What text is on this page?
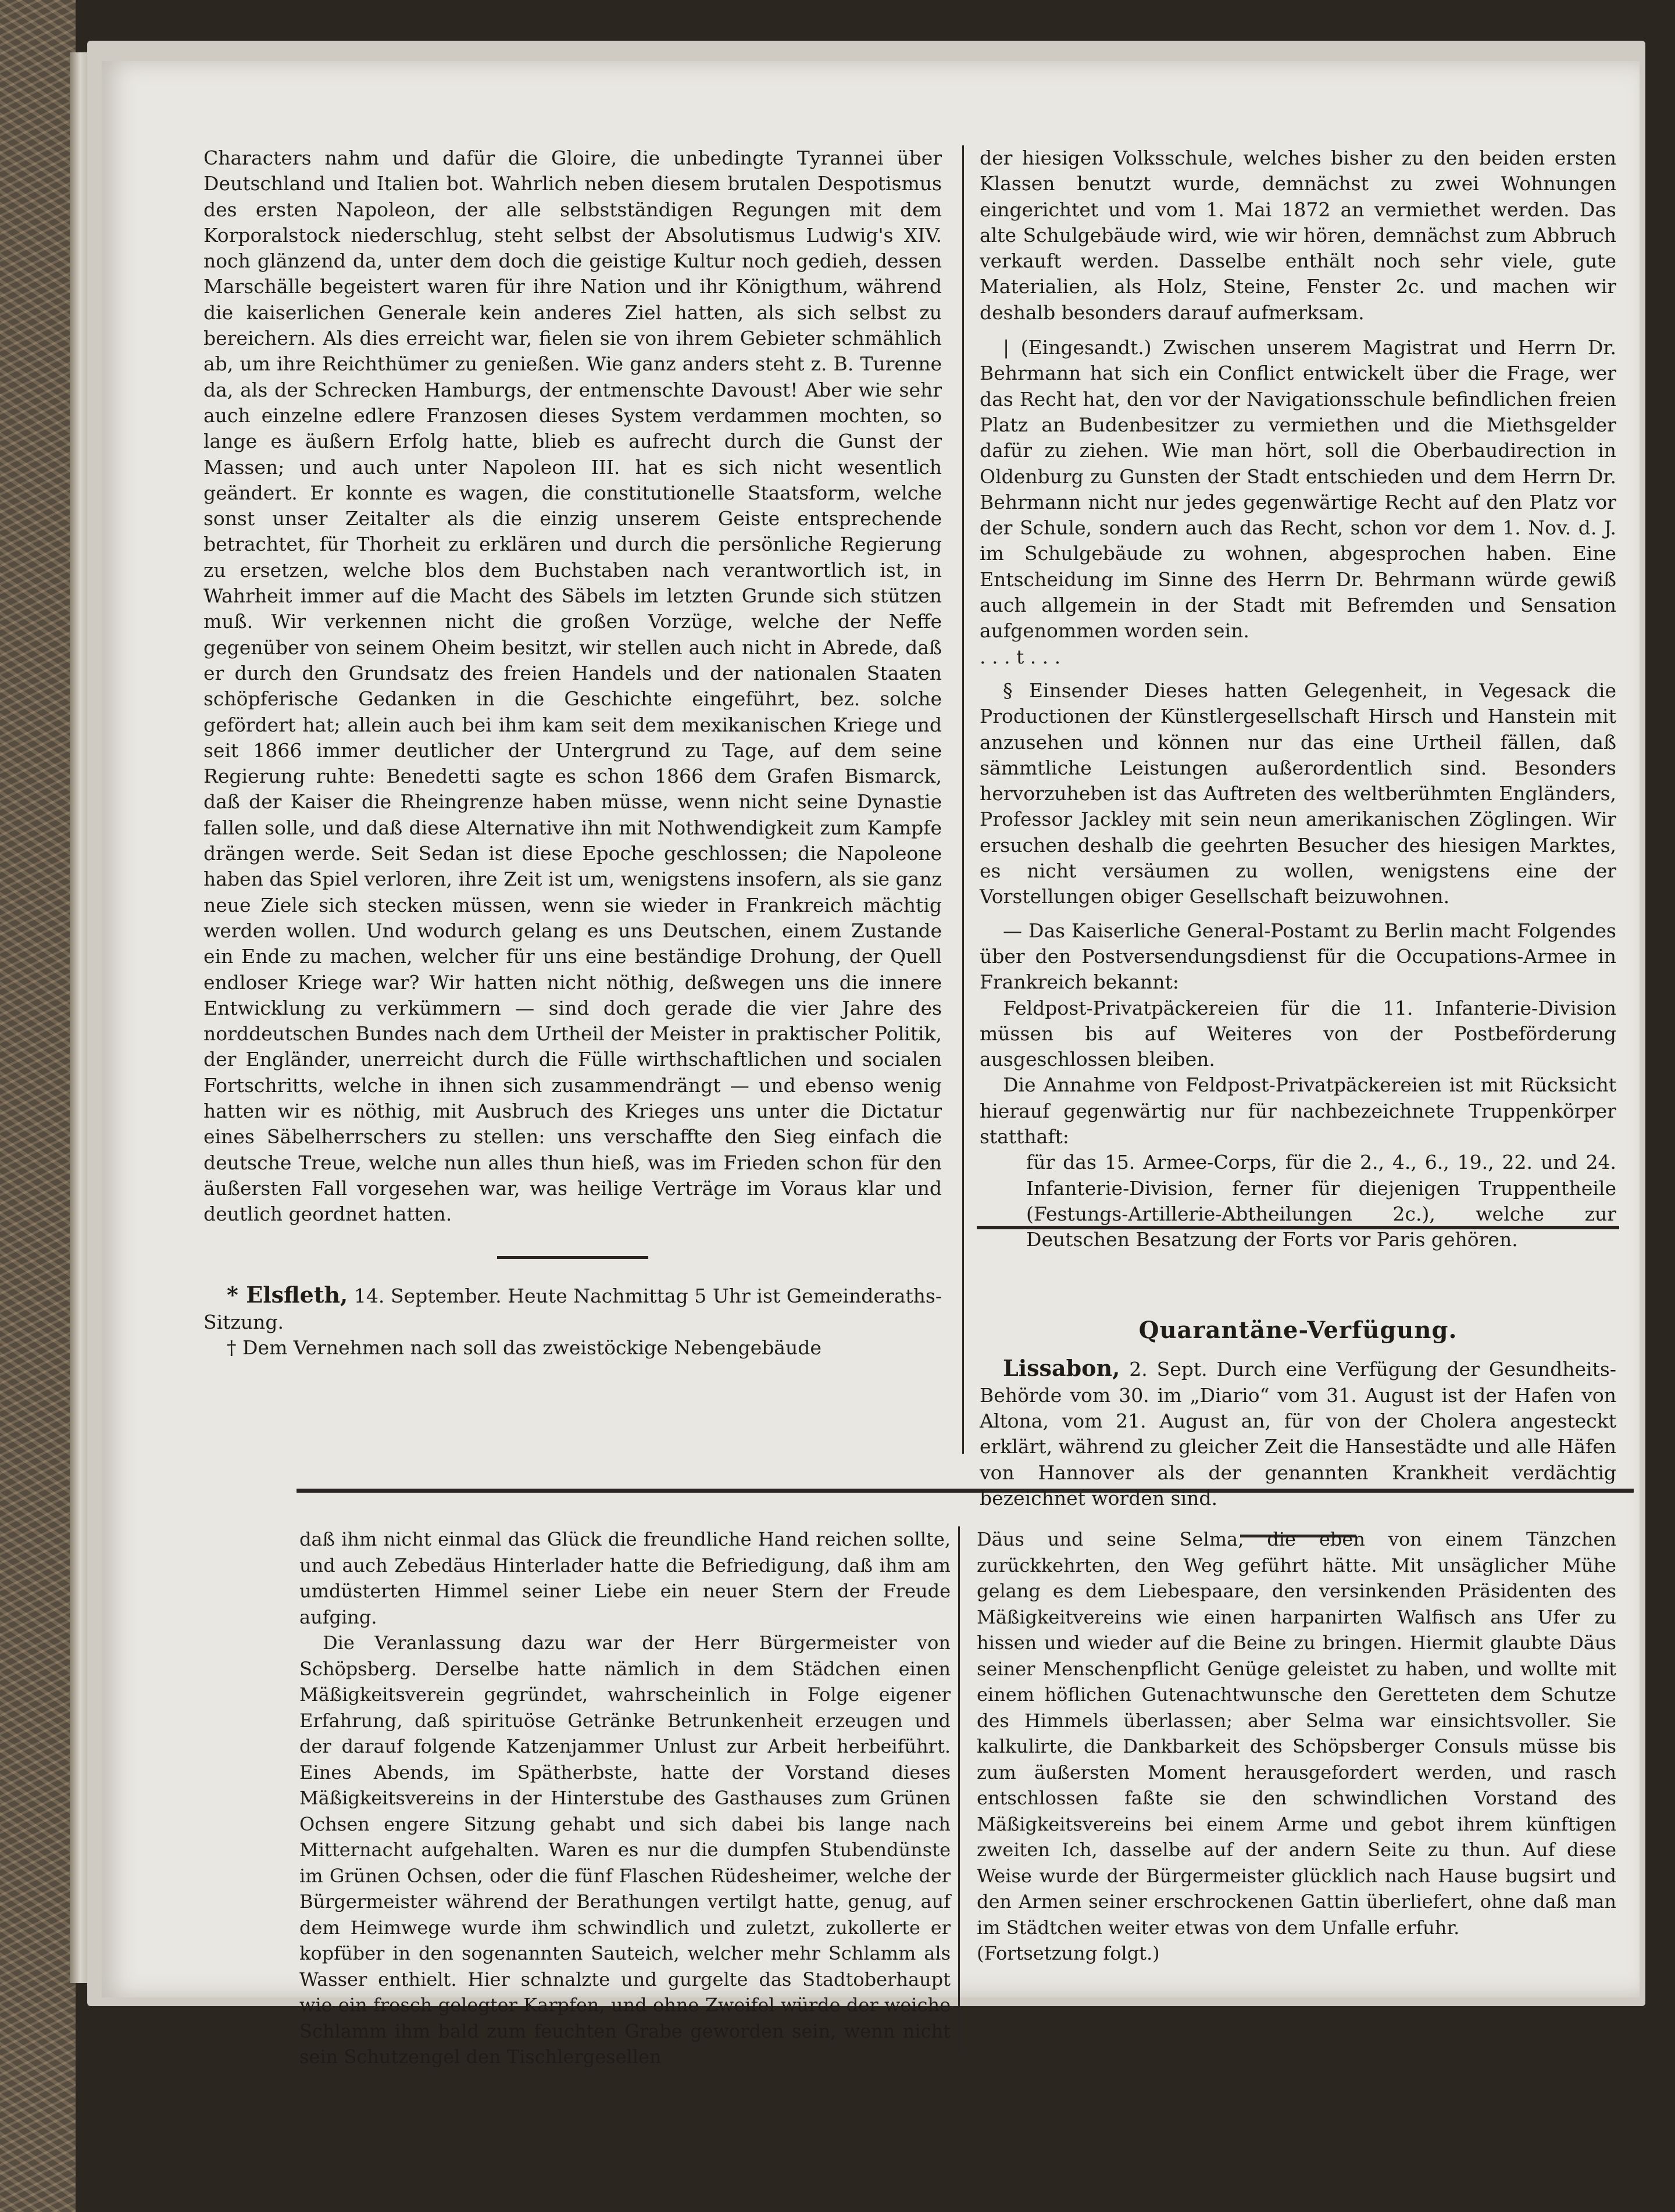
Characters nahm und dafür die Gloire, die unbedingte Tyrannei über Deutschland und Italien bot. Wahrlich neben diesem brutalen Despotismus des ersten Napoleon, der alle selbstständigen Regungen mit dem Korporalstock niederschlug, steht selbst der Absolutismus Ludwig's XIV. noch glänzend da, unter dem doch die geistige Kultur noch gedieh, dessen Marschälle begeistert waren für ihre Nation und ihr Königthum, während die kaiserlichen Generale kein anderes Ziel hatten, als sich selbst zu bereichern. Als dies erreicht war, fielen sie von ihrem Gebieter schmählich ab, um ihre Reichthümer zu genießen. Wie ganz anders steht z. B. Turenne da, als der Schrecken Hamburgs, der entmenschte Davoust! Aber wie sehr auch einzelne edlere Franzosen dieses System verdammen mochten, so lange es äußern Erfolg hatte, blieb es aufrecht durch die Gunst der Massen; und auch unter Napoleon III. hat es sich nicht wesentlich geändert. Er konnte es wagen, die constitutionelle Staatsform, welche sonst unser Zeitalter als die einzig unserem Geiste entsprechende betrachtet, für Thorheit zu erklären und durch die persönliche Regierung zu ersetzen, welche blos dem Buchstaben nach verantwortlich ist, in Wahrheit immer auf die Macht des Säbels im letzten Grunde sich stützen muß. Wir verkennen nicht die großen Vorzüge, welche der Neffe gegenüber von seinem Oheim besitzt, wir stellen auch nicht in Abrede, daß er durch den Grundsatz des freien Handels und der nationalen Staaten schöpferische Gedanken in die Geschichte eingeführt, bez. solche gefördert hat; allein auch bei ihm kam seit dem mexikanischen Kriege und seit 1866 immer deutlicher der Untergrund zu Tage, auf dem seine Regierung ruhte: Benedetti sagte es schon 1866 dem Grafen Bismarck, daß der Kaiser die Rheingrenze haben müsse, wenn nicht seine Dynastie fallen solle, und daß diese Alternative ihn mit Nothwendigkeit zum Kampfe drängen werde. Seit Sedan ist diese Epoche geschlossen; die Napoleone haben das Spiel verloren, ihre Zeit ist um, wenigstens insofern, als sie ganz neue Ziele sich stecken müssen, wenn sie wieder in Frankreich mächtig werden wollen. Und wodurch gelang es uns Deutschen, einem Zustande ein Ende zu machen, welcher für uns eine beständige Drohung, der Quell endloser Kriege war? Wir hatten nicht nöthig, deßwegen uns die innere Entwicklung zu verkümmern — sind doch gerade die vier Jahre des norddeutschen Bundes nach dem Urtheil der Meister in praktischer Politik, der Engländer, unerreicht durch die Fülle wirthschaftlichen und socialen Fortschritts, welche in ihnen sich zusammendrängt — und ebenso wenig hatten wir es nöthig, mit Ausbruch des Krieges uns unter die Dictatur eines Säbelherrschers zu stellen: uns verschaffte den Sieg einfach die deutsche Treue, welche nun alles thun hieß, was im Frieden schon für den äußersten Fall vorgesehen war, was heilige Verträge im Voraus klar und deutlich geordnet hatten.

* Elsfleth, 14. September. Heute Nachmittag 5 Uhr ist Gemeinderaths-Sitzung.

† Dem Vernehmen nach soll das zweistöckige Nebengebäude

der hiesigen Volksschule, welches bisher zu den beiden ersten Klassen benutzt wurde, demnächst zu zwei Wohnungen eingerichtet und vom 1. Mai 1872 an vermiethet werden. Das alte Schulgebäude wird, wie wir hören, demnächst zum Abbruch verkauft werden. Dasselbe enthält noch sehr viele, gute Materialien, als Holz, Steine, Fenster 2c. und machen wir deshalb besonders darauf aufmerksam.

| (Eingesandt.) Zwischen unserem Magistrat und Herrn Dr. Behrmann hat sich ein Conflict entwickelt über die Frage, wer das Recht hat, den vor der Navigationsschule befindlichen freien Platz an Budenbesitzer zu vermiethen und die Miethsgelder dafür zu ziehen. Wie man hört, soll die Oberbaudirection in Oldenburg zu Gunsten der Stadt entschieden und dem Herrn Dr. Behrmann nicht nur jedes gegenwärtige Recht auf den Platz vor der Schule, sondern auch das Recht, schon vor dem 1. Nov. d. J. im Schulgebäude zu wohnen, abgesprochen haben. Eine Entscheidung im Sinne des Herrn Dr. Behrmann würde gewiß auch allgemein in der Stadt mit Befremden und Sensation aufgenommen worden sein.

. . . t . . .

§ Einsender Dieses hatten Gelegenheit, in Vegesack die Productionen der Künstlergesellschaft Hirsch und Hanstein mit anzusehen und können nur das eine Urtheil fällen, daß sämmtliche Leistungen außerordentlich sind. Besonders hervorzuheben ist das Auftreten des weltberühmten Engländers, Professor Jackley mit sein neun amerikanischen Zöglingen. Wir ersuchen deshalb die geehrten Besucher des hiesigen Marktes, es nicht versäumen zu wollen, wenigstens eine der Vorstellungen obiger Gesellschaft beizuwohnen.

— Das Kaiserliche General-Postamt zu Berlin macht Folgendes über den Postversendungsdienst für die Occupations-Armee in Frankreich bekannt:

Feldpost-Privatpäckereien für die 11. Infanterie-Division müssen bis auf Weiteres von der Postbeförderung ausgeschlossen bleiben.

Die Annahme von Feldpost-Privatpäckereien ist mit Rücksicht hierauf gegenwärtig nur für nachbezeichnete Truppenkörper statthaft:

für das 15. Armee-Corps, für die 2., 4., 6., 19., 22. und 24. Infanterie-Division, ferner für diejenigen Truppentheile (Festungs-Artillerie-Abtheilungen 2c.), welche zur Deutschen Besatzung der Forts vor Paris gehören.
Quarantäne-Verfügung.

Lissabon, 2. Sept. Durch eine Verfügung der Gesundheits-Behörde vom 30. im „Diario“ vom 31. August ist der Hafen von Altona, vom 21. August an, für von der Cholera angesteckt erklärt, während zu gleicher Zeit die Hansestädte und alle Häfen von Hannover als der genannten Krankheit verdächtig bezeichnet worden sind.

daß ihm nicht einmal das Glück die freundliche Hand reichen sollte, und auch Zebedäus Hinterlader hatte die Befriedigung, daß ihm am umdüsterten Himmel seiner Liebe ein neuer Stern der Freude aufging.

Die Veranlassung dazu war der Herr Bürgermeister von Schöpsberg. Derselbe hatte nämlich in dem Städchen einen Mäßigkeitsverein gegründet, wahrscheinlich in Folge eigener Erfahrung, daß spirituöse Getränke Betrunkenheit erzeugen und der darauf folgende Katzenjammer Unlust zur Arbeit herbeiführt. Eines Abends, im Spätherbste, hatte der Vorstand dieses Mäßigkeitsvereins in der Hinterstube des Gasthauses zum Grünen Ochsen engere Sitzung gehabt und sich dabei bis lange nach Mitternacht aufgehalten. Waren es nur die dumpfen Stubendünste im Grünen Ochsen, oder die fünf Flaschen Rüdesheimer, welche der Bürgermeister während der Berathungen vertilgt hatte, genug, auf dem Heimwege wurde ihm schwindlich und zuletzt, zukollerte er kopfüber in den sogenannten Sauteich, welcher mehr Schlamm als Wasser enthielt. Hier schnalzte und gurgelte das Stadtoberhaupt wie ein frosch gelegter Karpfen, und ohne Zweifel würde der weiche Schlamm ihm bald zum feuchten Grabe geworden sein, wenn nicht sein Schutzengel den Tischlergesellen

Däus und seine Selma, die eben von einem Tänzchen zurückkehrten, den Weg geführt hätte. Mit unsäglicher Mühe gelang es dem Liebespaare, den versinkenden Präsidenten des Mäßigkeitvereins wie einen harpanirten Walfisch ans Ufer zu hissen und wieder auf die Beine zu bringen. Hiermit glaubte Däus seiner Menschenpflicht Genüge geleistet zu haben, und wollte mit einem höflichen Gutenachtwunsche den Geretteten dem Schutze des Himmels überlassen; aber Selma war einsichtsvoller. Sie kalkulirte, die Dankbarkeit des Schöpsberger Consuls müsse bis zum äußersten Moment herausgefordert werden, und rasch entschlossen faßte sie den schwindlichen Vorstand des Mäßigkeitsvereins bei einem Arme und gebot ihrem künftigen zweiten Ich, dasselbe auf der andern Seite zu thun. Auf diese Weise wurde der Bürgermeister glücklich nach Hause bugsirt und den Armen seiner erschrockenen Gattin überliefert, ohne daß man im Städtchen weiter etwas von dem Unfalle erfuhr.

(Fortsetzung folgt.)
